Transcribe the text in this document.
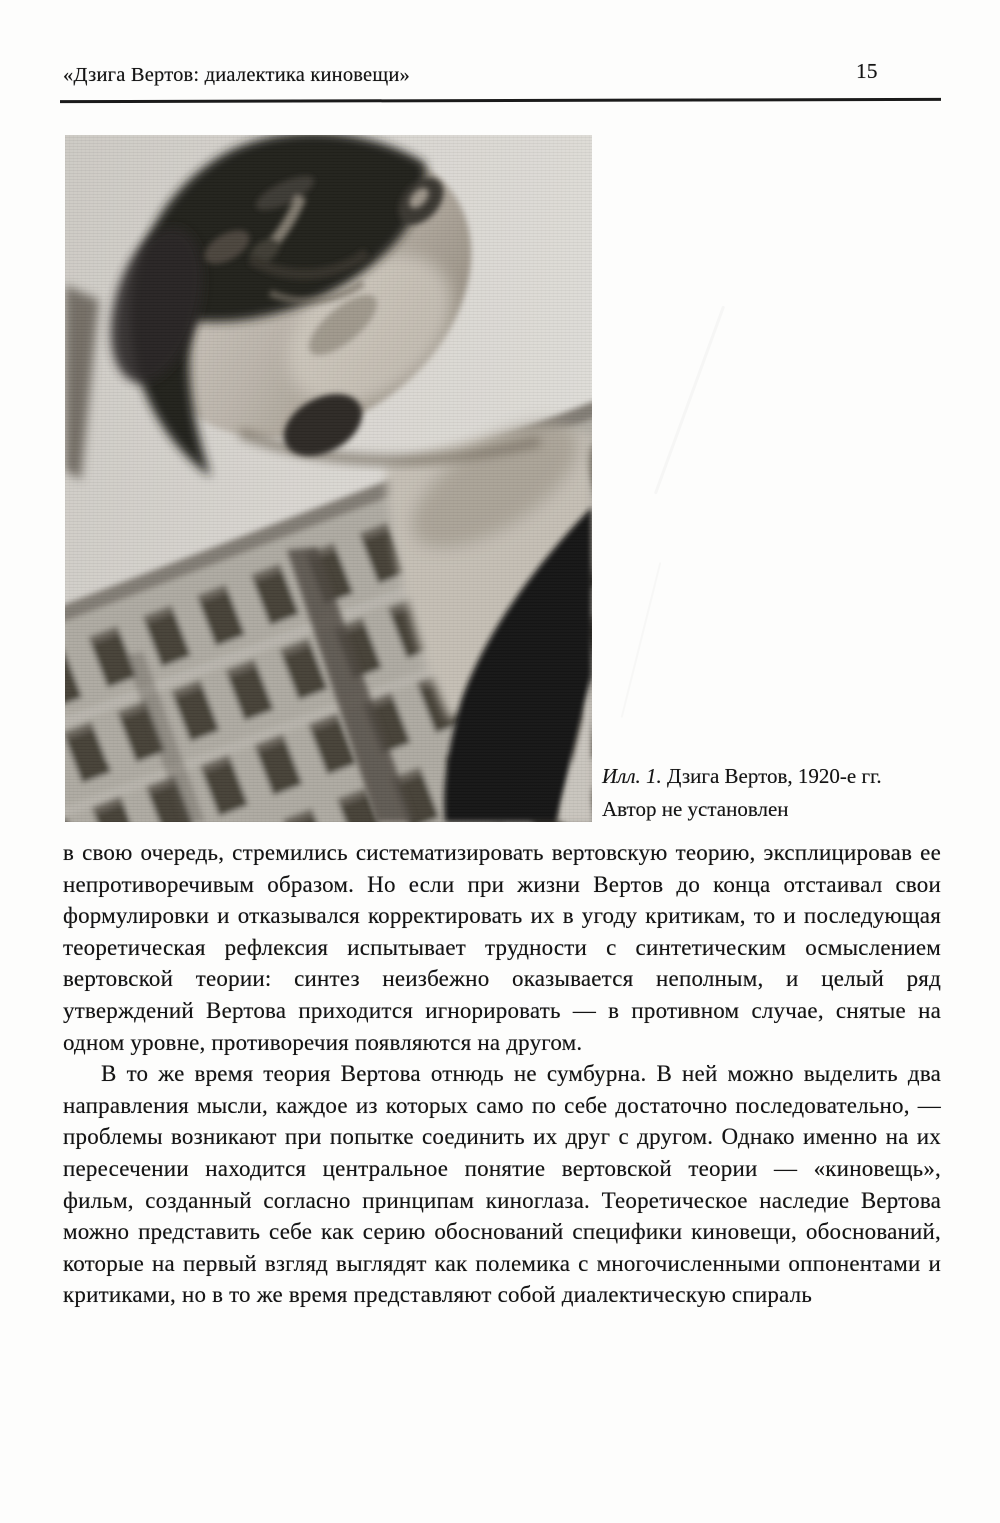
«Дзига Вертов: диалектика киновещи»	15
Илл. 1. Дзига Вертов, 1920-е гг.
Автор не установлен

в свою очередь, стремились систематизировать вертовскую теорию, эксплицировав ее непротиворечивым образом. Но если при жизни Вертов до конца отстаивал свои формулировки и отказывался корректировать их в угоду критикам, то и последующая теоретическая рефлексия испытывает трудности с синтетическим осмыслением вертовской теории: синтез неизбежно оказывается неполным, и целый ряд утверждений Вертова приходится игнорировать — в противном случае, снятые на одном уровне, противоречия появляются на другом.

В то же время теория Вертова отнюдь не сумбурна. В ней можно выделить два направления мысли, каждое из которых само по себе достаточно последовательно, — проблемы возникают при попытке соединить их друг с другом. Однако именно на их пересечении находится центральное понятие вертовской теории — «киновещь», фильм, созданный согласно принципам киноглаза. Теоретическое наследие Вертова можно представить себе как серию обоснований специфики киновещи, обоснований, которые на первый взгляд выглядят как полемика с многочисленными оппонентами и критиками, но в то же время представляют собой диалектическую спираль
